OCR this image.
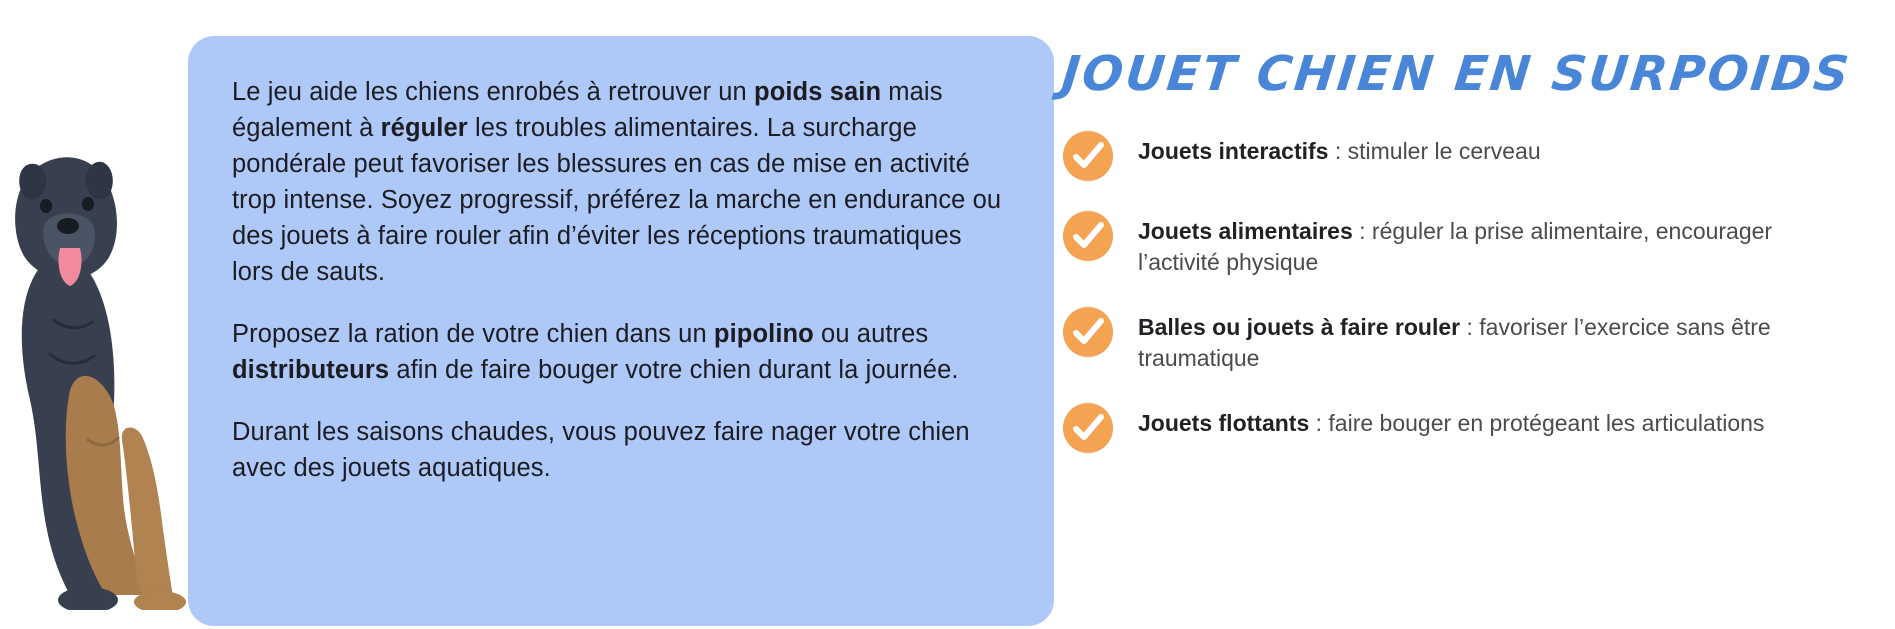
Le jeu aide les chiens enrobés à retrouver un poids sain mais également à réguler les troubles alimentaires. La surcharge pondérale peut favoriser les blessures en cas de mise en activité trop intense. Soyez progressif, préférez la marche en endurance ou des jouets à faire rouler afin d’éviter les réceptions traumatiques lors de sauts.

Proposez la ration de votre chien dans un pipolino ou autres distributeurs afin de faire bouger votre chien durant la journée.

Durant les saisons chaudes, vous pouvez faire nager votre chien avec des jouets aquatiques.

JOUET CHIEN EN SURPOIDS
Jouets interactifs : stimuler le cerveau
Jouets alimentaires : réguler la prise alimentaire, encourager l’activité physique
Balles ou jouets à faire rouler : favoriser l’exercice sans être traumatique
Jouets flottants : faire bouger en protégeant les articulations
